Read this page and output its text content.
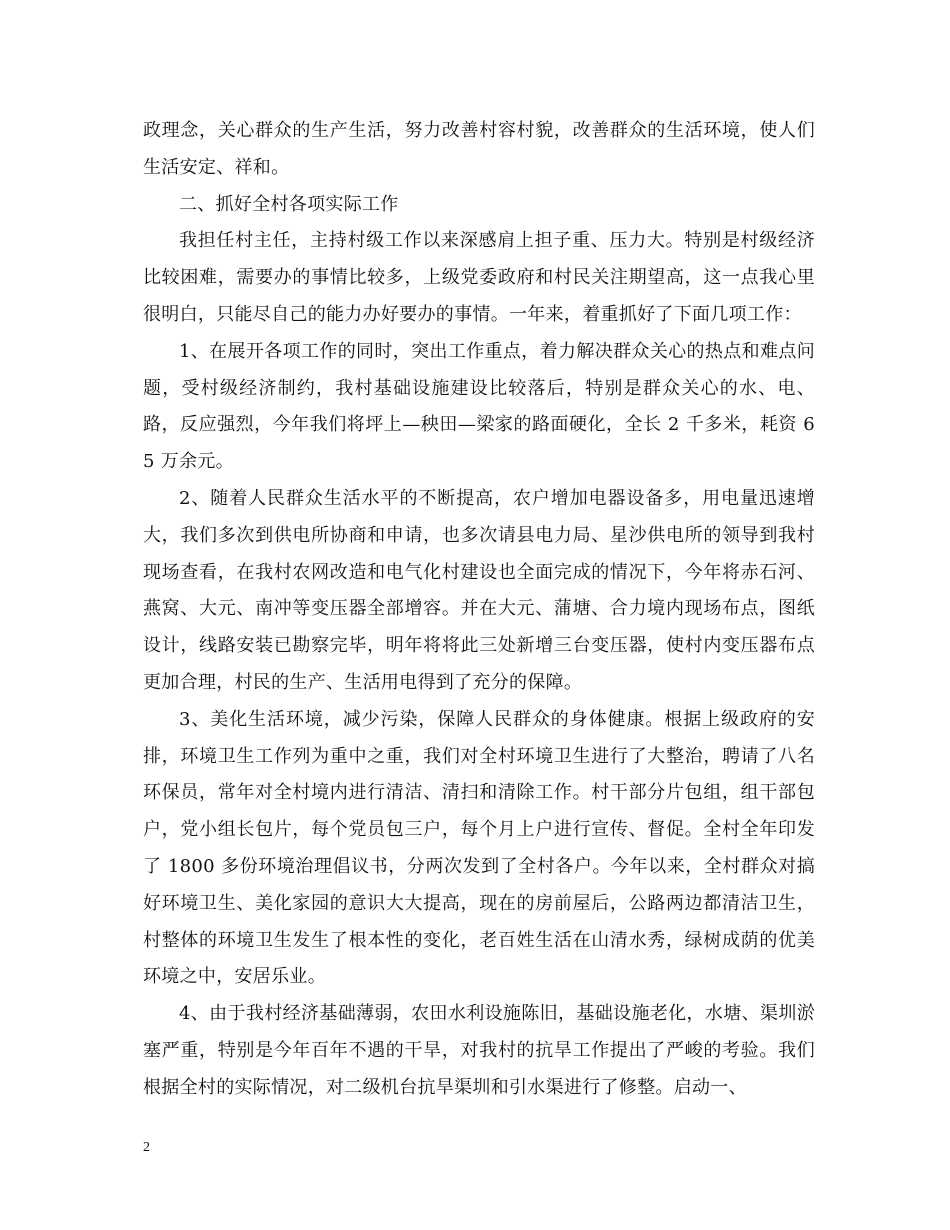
政理念，关心群众的生产生活，努力改善村容村貌，改善群众的生活环境，使人们生活安定、祥和。

二、抓好全村各项实际工作

我担任村主任，主持村级工作以来深感肩上担子重、压力大。特别是村级经济比较困难，需要办的事情比较多，上级党委政府和村民关注期望高，这一点我心里很明白，只能尽自己的能力办好要办的事情。一年来，着重抓好了下面几项工作：

1、在展开各项工作的同时，突出工作重点，着力解决群众关心的热点和难点问题，受村级经济制约，我村基础设施建设比较落后，特别是群众关心的水、电、路，反应强烈，今年我们将坪上—秧田—梁家的路面硬化，全长 2 千多米，耗资 65 万余元。

2、随着人民群众生活水平的不断提高，农户增加电器设备多，用电量迅速增大，我们多次到供电所协商和申请，也多次请县电力局、星沙供电所的领导到我村现场查看，在我村农网改造和电气化村建设也全面完成的情况下，今年将赤石河、燕窝、大元、南冲等变压器全部增容。并在大元、蒲塘、合力境内现场布点，图纸设计，线路安装已勘察完毕，明年将将此三处新增三台变压器，使村内变压器布点更加合理，村民的生产、生活用电得到了充分的保障。

3、美化生活环境，减少污染，保障人民群众的身体健康。根据上级政府的安排，环境卫生工作列为重中之重，我们对全村环境卫生进行了大整治，聘请了八名环保员，常年对全村境内进行清洁、清扫和清除工作。村干部分片包组，组干部包户，党小组长包片，每个党员包三户，每个月上户进行宣传、督促。全村全年印发了 1800 多份环境治理倡议书，分两次发到了全村各户。今年以来，全村群众对搞好环境卫生、美化家园的意识大大提高，现在的房前屋后，公路两边都清洁卫生，村整体的环境卫生发生了根本性的变化，老百姓生活在山清水秀，绿树成荫的优美环境之中，安居乐业。

4、由于我村经济基础薄弱，农田水利设施陈旧，基础设施老化，水塘、渠圳淤塞严重，特别是今年百年不遇的干旱，对我村的抗旱工作提出了严峻的考验。我们根据全村的实际情况，对二级机台抗旱渠圳和引水渠进行了修整。启动一、

2
